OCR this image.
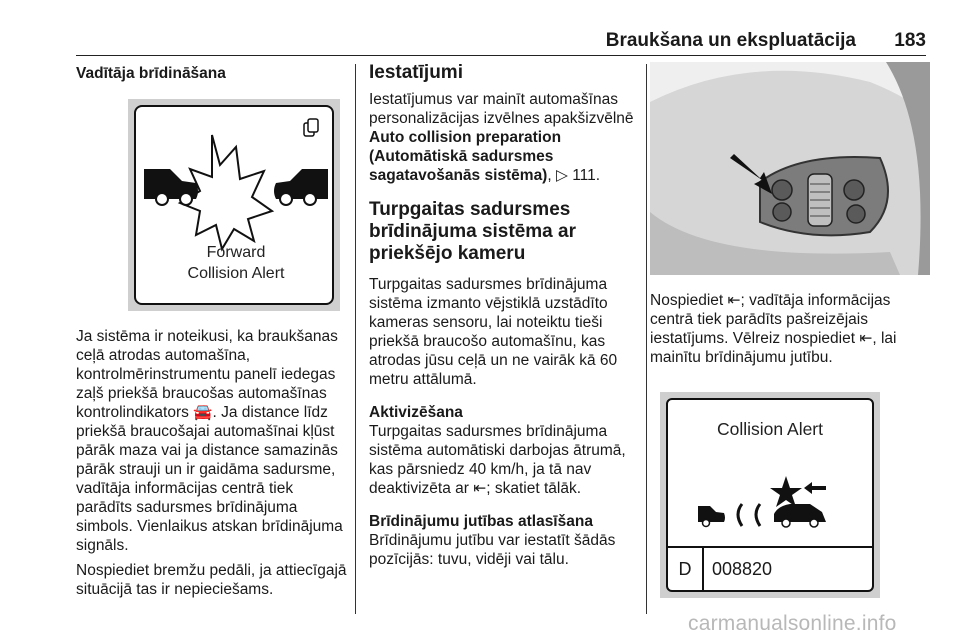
Braukšana un ekspluatācija 183
Vadītāja brīdināšana
Forward
Collision Alert

Ja sistēma ir noteikusi, ka braukšanas ceļā atrodas automašīna, kontrolmērinstrumentu panelī iedegas zaļš priekšā braucošas automašīnas kontrolindikators 🚘. Ja distance līdz priekšā braucošajai automašīnai kļūst pārāk maza vai ja distance samazinās pārāk strauji un ir gaidāma sadursme, vadītāja informācijas centrā tiek parādīts sadursmes brīdinājuma simbols. Vienlaikus atskan brīdinājuma signāls.

Nospiediet bremžu pedāli, ja attiecīgajā situācijā tas ir nepieciešams.

Iestatījumi

Iestatījumus var mainīt automašīnas personalizācijas izvēlnes apakšizvēlnē Auto collision preparation (Automātiskā sadursmes sagatavošanās sistēma), ▷ 111.

Turpgaitas sadursmes brīdinājuma sistēma ar priekšējo kameru

Turpgaitas sadursmes brīdinājuma sistēma izmanto vējstiklā uzstādīto kameras sensoru, lai noteiktu tieši priekšā braucošo automašīnu, kas atrodas jūsu ceļā un ne vairāk kā 60 metru attālumā.

Aktivizēšana

Turpgaitas sadursmes brīdinājuma sistēma automātiski darbojas ātrumā, kas pārsniedz 40 km/h, ja tā nav deaktivizēta ar ⇤; skatiet tālāk.

Brīdinājumu jutības atlasīšana

Brīdinājumu jutību var iestatīt šādās pozīcijās: tuvu, vidēji vai tālu.

Nospiediet ⇤; vadītāja informācijas centrā tiek parādīts pašreizējais iestatījums. Vēlreiz nospiediet ⇤, lai mainītu brīdinājumu jutību.

Collision Alert
D	008820
carmanualsonline.info
